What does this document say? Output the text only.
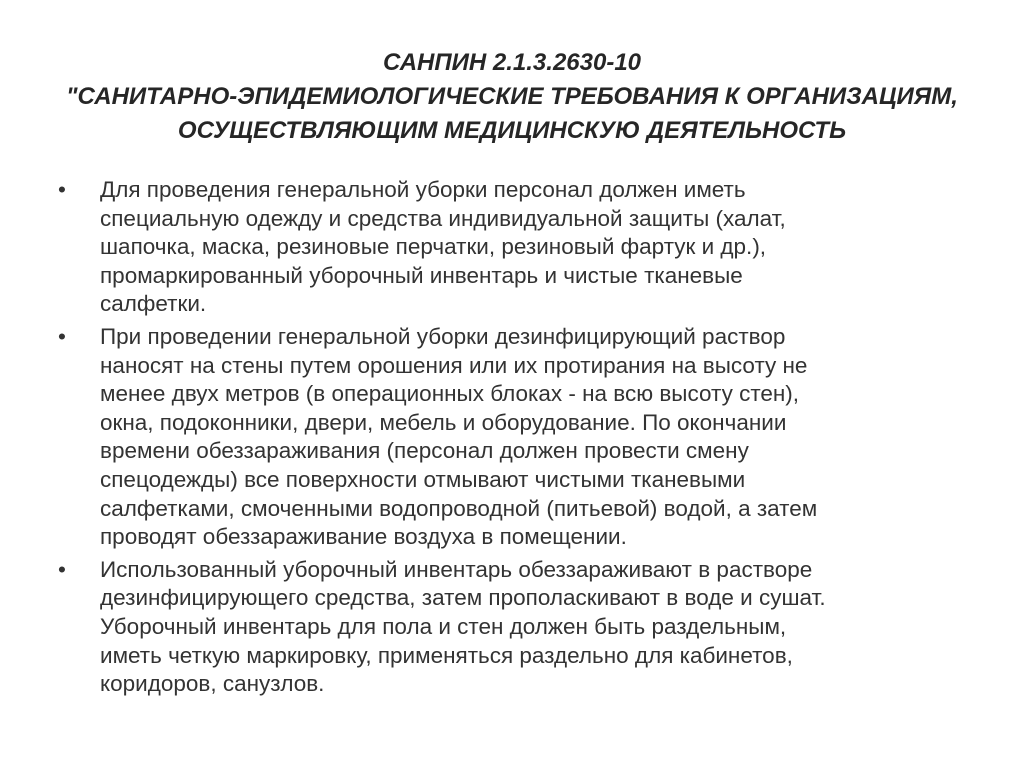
САНПИН 2.1.3.2630-10
"САНИТАРНО-ЭПИДЕМИОЛОГИЧЕСКИЕ ТРЕБОВАНИЯ К ОРГАНИЗАЦИЯМ,
ОСУЩЕСТВЛЯЮЩИМ МЕДИЦИНСКУЮ ДЕЯТЕЛЬНОСТЬ
•	Для проведения генеральной уборки персонал должен иметь
специальную одежду и средства индивидуальной защиты (халат,
шапочка, маска, резиновые перчатки, резиновый фартук и др.),
промаркированный уборочный инвентарь и чистые тканевые
салфетки.
•	При проведении генеральной уборки дезинфицирующий раствор
наносят на стены путем орошения или их протирания на высоту не
менее двух метров (в операционных блоках - на всю высоту стен),
окна, подоконники, двери, мебель и оборудование. По окончании
времени обеззараживания (персонал должен провести смену
спецодежды) все поверхности отмывают чистыми тканевыми
салфетками, смоченными водопроводной (питьевой) водой, а затем
проводят обеззараживание воздуха в помещении.
•	Использованный уборочный инвентарь обеззараживают в растворе
дезинфицирующего средства, затем прополаскивают в воде и сушат.
Уборочный инвентарь для пола и стен должен быть раздельным,
иметь четкую маркировку, применяться раздельно для кабинетов,
коридоров, санузлов.
